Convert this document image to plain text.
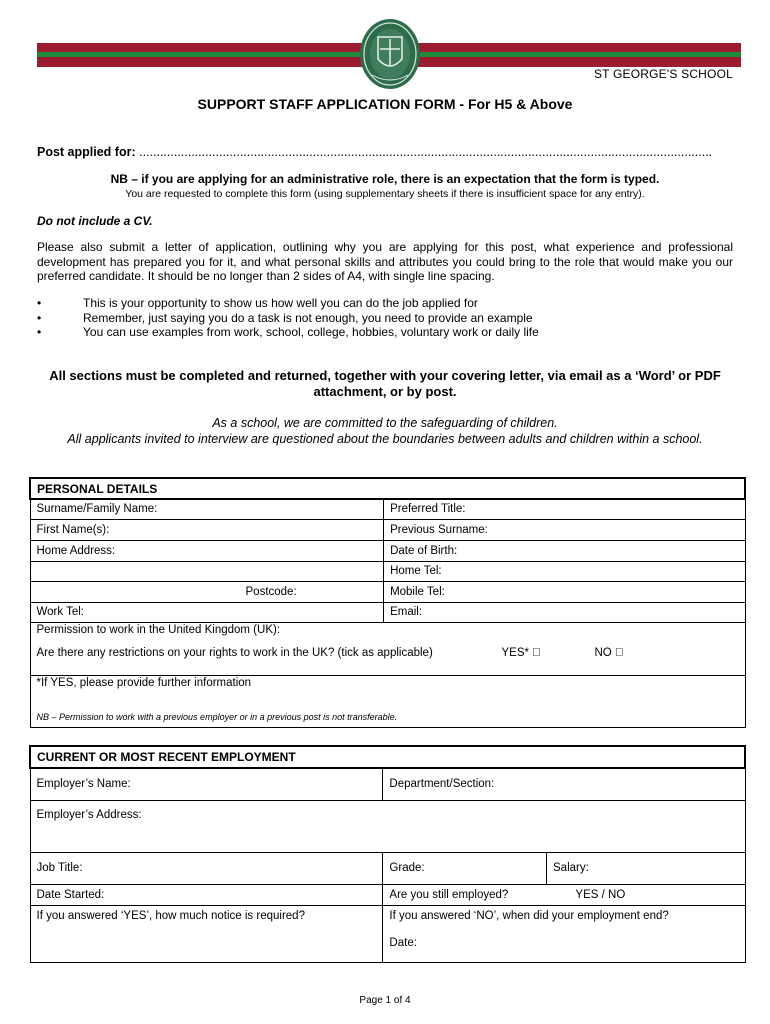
ST GEORGE'S SCHOOL
SUPPORT STAFF APPLICATION FORM - For H5 & Above
Post applied for: .....................................................................................................................................................................
NB – if you are applying for an administrative role, there is an expectation that the form is typed.
You are requested to complete this form (using supplementary sheets if there is insufficient space for any entry).
Do not include a CV.
Please also submit a letter of application, outlining why you are applying for this post, what experience and professional development has prepared you for it, and what personal skills and attributes you could bring to the role that would make you our preferred candidate. It should be no longer than 2 sides of A4, with single line spacing.
• This is your opportunity to show us how well you can do the job applied for
• Remember, just saying you do a task is not enough, you need to provide an example
• You can use examples from work, school, college, hobbies, voluntary work or daily life
All sections must be completed and returned, together with your covering letter, via email as a ‘Word’ or PDF attachment, or by post.
As a school, we are committed to the safeguarding of children.
All applicants invited to interview are questioned about the boundaries between adults and children within a school.
PERSONAL DETAILS	
Surname/Family Name:	Preferred Title:
First Name(s):	Previous Surname:
Home Address:	Date of Birth:
	Home Tel:
Postcode:	Mobile Tel:
Work Tel:	Email:

Permission to work in the United Kingdom (UK):
Are there any restrictions on your rights to work in the UK? (tick as applicable) YES* NO	

*If YES, please provide further information
NB – Permission to work with a previous employer or in a previous post is not transferable.	
CURRENT OR MOST RECENT EMPLOYMENT		
Employer’s Name:	Department/Section:	
Employer’s Address:		
Job Title:	Grade:	Salary:
Date Started:	Are you still employed? YES / NO	

If you answered ‘YES’, how much notice is required?	If you answered ‘NO’, when did your employment end?
Date:	
Page 1 of 4
